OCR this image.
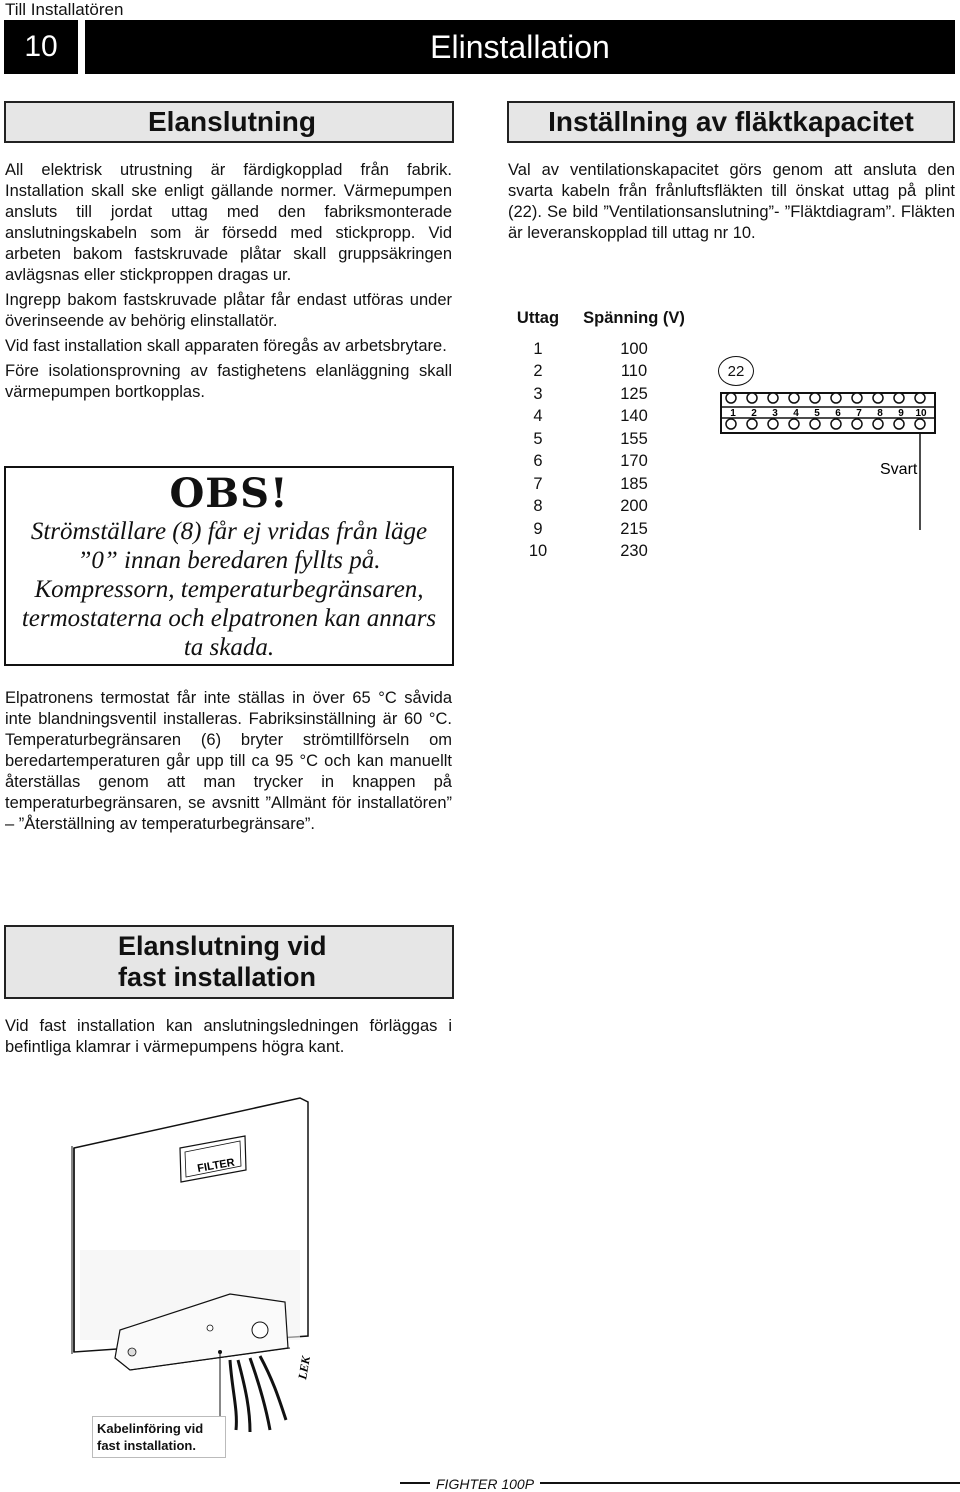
Till Installatören
10	Elinstallation
Elanslutning

All elektrisk utrustning är färdigkopplad från fabrik. Installation skall ske enligt gällande normer. Värmepumpen ansluts till jordat uttag med den fabriksmonterade anslutningskabeln som är försedd med stickpropp. Vid arbeten bakom fastskruvade plåtar skall gruppsäkringen avlägsnas eller stickproppen dragas ur.

Ingrepp bakom fastskruvade plåtar får endast utföras under överinseende av behörig elinstallatör.

Vid fast installation skall apparaten föregås av arbetsbrytare.

Före isolationsprovning av fastighetens elanläggning skall värmepumpen bortkopplas.

OBS!
Strömställare (8) får ej vridas från läge ”0” innan beredaren fyllts på. Kompressorn, temperaturbegränsaren, termostaterna och elpatronen kan annars ta skada.

Elpatronens termostat får inte ställas in över 65 °C såvida inte blandningsventil installeras. Fabriksinställning är 60 °C. Temperaturbegränsaren (6) bryter strömtillförseln om beredartemperaturen går upp till ca 95 °C och kan manuellt återställas genom att man trycker in knappen på temperaturbegränsaren, se avsnitt ”Allmänt för installatören” – ”Återställning av temperaturbegränsare”.

Elanslutning vid
fast installation

Vid fast installation kan anslutningsledningen förläggas i befintliga klamrar i värmepumpens högra kant.

Inställning av fläktkapacitet

Val av ventilationskapacitet görs genom att ansluta den svarta kabeln från frånluftsfläkten till önskat uttag på plint (22). Se bild ”Ventilationsanslutning”- ”Fläktdiagram”. Fläkten är leveranskopplad till uttag nr 10.

Uttag	Spänning (V)
1	100
2	110
3	125
4	140
5	155
6	170
7	185
8	200
9	215
10	230
22
1 2 3 4 5 6 7 8 9 10
Svart
FILTER
LEK
Kabelinföring vid
fast installation.
FIGHTER 100P
